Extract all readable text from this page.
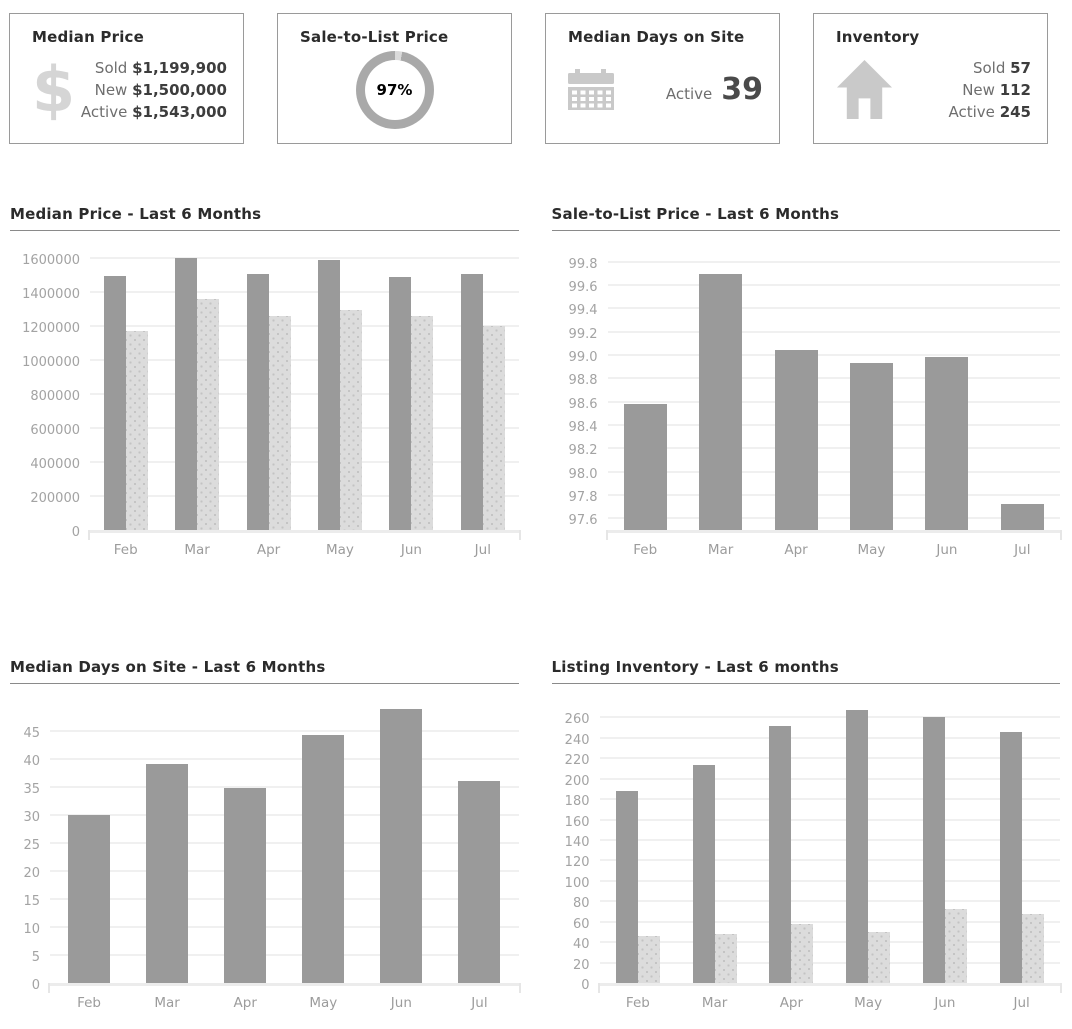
Median Price
$	Sold $1,199,900
New $1,500,000
Active $1,543,000
Sale-to-List Price
97%
Median Days on Site
Active 39
Inventory
Sold 57
New 112
Active 245
Median Price - Last 6 Months
0
200000
400000
600000
800000
1000000
1200000
1400000
1600000
Feb	Mar	Apr	May	Jun	Jul
Sale-to-List Price - Last 6 Months
97.6
97.8
98.0
98.2
98.4
98.6
98.8
99.0
99.2
99.4
99.6
99.8
Feb	Mar	Apr	May	Jun	Jul
Median Days on Site - Last 6 Months
0
5
10
15
20
25
30
35
40
45
Feb	Mar	Apr	May	Jun	Jul
Listing Inventory - Last 6 months
0
20
40
60
80
100
120
140
160
180
200
220
240
260
Feb	Mar	Apr	May	Jun	Jul
